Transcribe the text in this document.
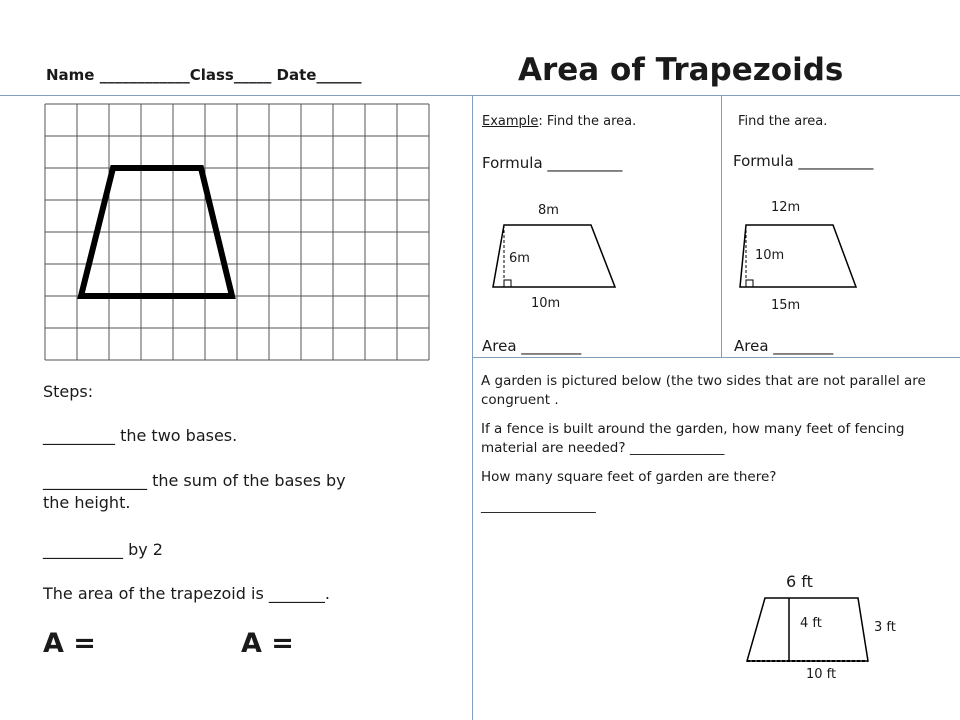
Name ____________Class_____ Date______	Area of Trapezoids
Steps:
_________ the two bases.
_____________ the sum of the bases by
the height.
__________ by 2
The area of the trapezoid is _______.
A =	A =
Example: Find the area.
Formula __________
8m
6m
10m
Area ________
Find the area.
Formula __________
12m
10m
15m
Area ________

A garden is pictured below (the two sides that are not parallel are congruent .

If a fence is built around the garden, how many feet of fencing material are needed? ______________

How many square feet of garden are there?

_________________

6 ft
4 ft	3 ft
10 ft
